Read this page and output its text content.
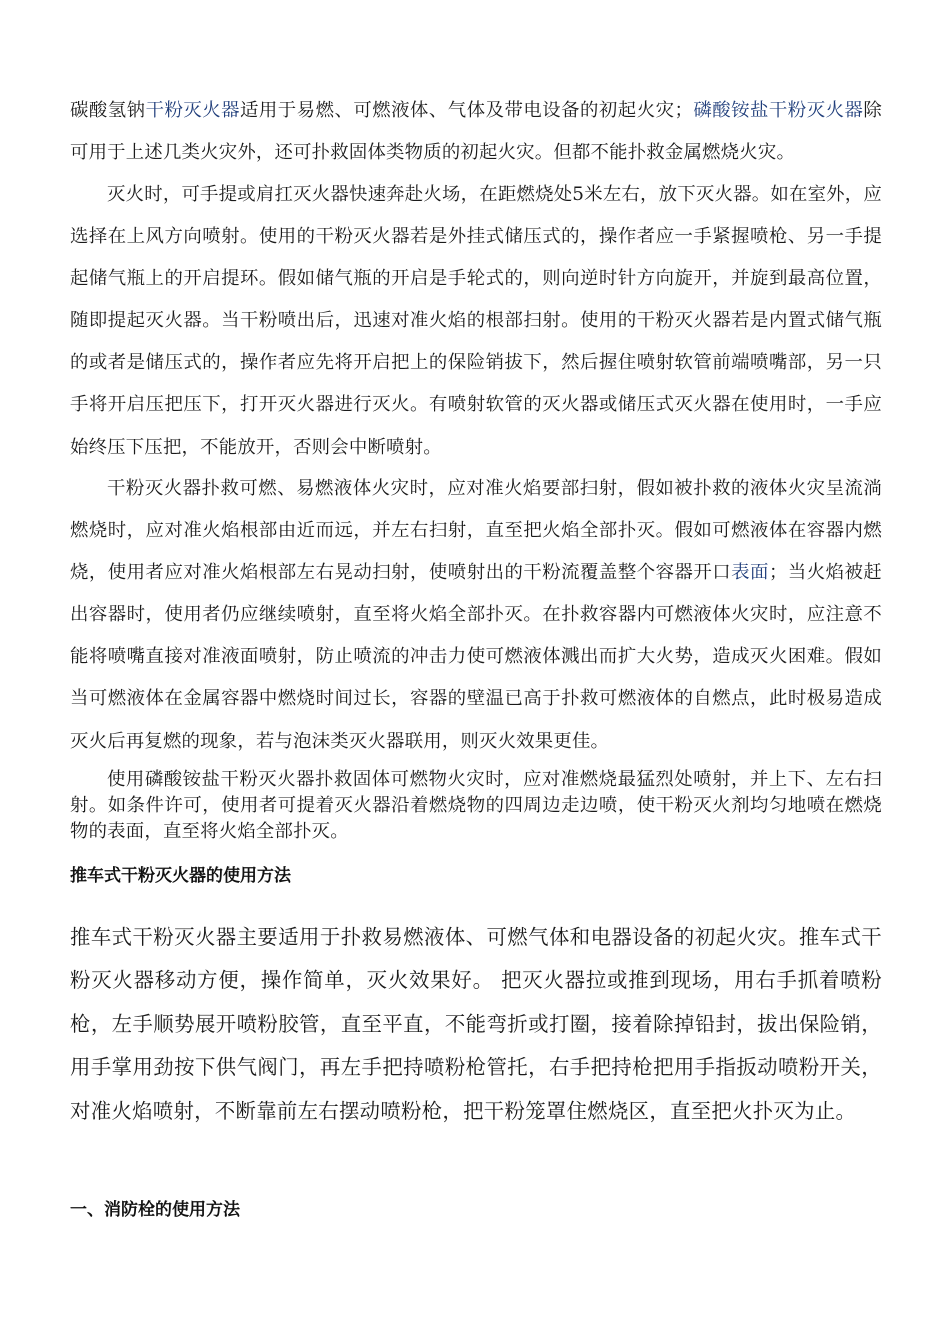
碳酸氢钠干粉灭火器适用于易燃、可燃液体、气体及带电设备的初起火灾；磷酸铵盐干粉灭火器除可用于上述几类火灾外，还可扑救固体类物质的初起火灾。但都不能扑救金属燃烧火灾。

灭火时，可手提或肩扛灭火器快速奔赴火场，在距燃烧处5米左右，放下灭火器。如在室外，应选择在上风方向喷射。使用的干粉灭火器若是外挂式储压式的，操作者应一手紧握喷枪、另一手提起储气瓶上的开启提环。假如储气瓶的开启是手轮式的，则向逆时针方向旋开，并旋到最高位置，随即提起灭火器。当干粉喷出后，迅速对准火焰的根部扫射。使用的干粉灭火器若是内置式储气瓶的或者是储压式的，操作者应先将开启把上的保险销拔下，然后握住喷射软管前端喷嘴部，另一只手将开启压把压下，打开灭火器进行灭火。有喷射软管的灭火器或储压式灭火器在使用时，一手应始终压下压把，不能放开，否则会中断喷射。

干粉灭火器扑救可燃、易燃液体火灾时，应对准火焰要部扫射，假如被扑救的液体火灾呈流淌燃烧时，应对准火焰根部由近而远，并左右扫射，直至把火焰全部扑灭。假如可燃液体在容器内燃烧，使用者应对准火焰根部左右晃动扫射，使喷射出的干粉流覆盖整个容器开口表面；当火焰被赶出容器时，使用者仍应继续喷射，直至将火焰全部扑灭。在扑救容器内可燃液体火灾时，应注意不能将喷嘴直接对准液面喷射，防止喷流的冲击力使可燃液体溅出而扩大火势，造成灭火困难。假如当可燃液体在金属容器中燃烧时间过长，容器的壁温已高于扑救可燃液体的自燃点，此时极易造成灭火后再复燃的现象，若与泡沫类灭火器联用，则灭火效果更佳。

使用磷酸铵盐干粉灭火器扑救固体可燃物火灾时，应对准燃烧最猛烈处喷射，并上下、左右扫射。如条件许可，使用者可提着灭火器沿着燃烧物的四周边走边喷，使干粉灭火剂均匀地喷在燃烧物的表面，直至将火焰全部扑灭。

推车式干粉灭火器的使用方法

推车式干粉灭火器主要适用于扑救易燃液体、可燃气体和电器设备的初起火灾。推车式干粉灭火器移动方便，操作简单，灭火效果好。 把灭火器拉或推到现场，用右手抓着喷粉枪，左手顺势展开喷粉胶管，直至平直，不能弯折或打圈，接着除掉铅封，拔出保险销，用手掌用劲按下供气阀门，再左手把持喷粉枪管托，右手把持枪把用手指扳动喷粉开关，对准火焰喷射，不断靠前左右摆动喷粉枪，把干粉笼罩住燃烧区，直至把火扑灭为止。

一、消防栓的使用方法
